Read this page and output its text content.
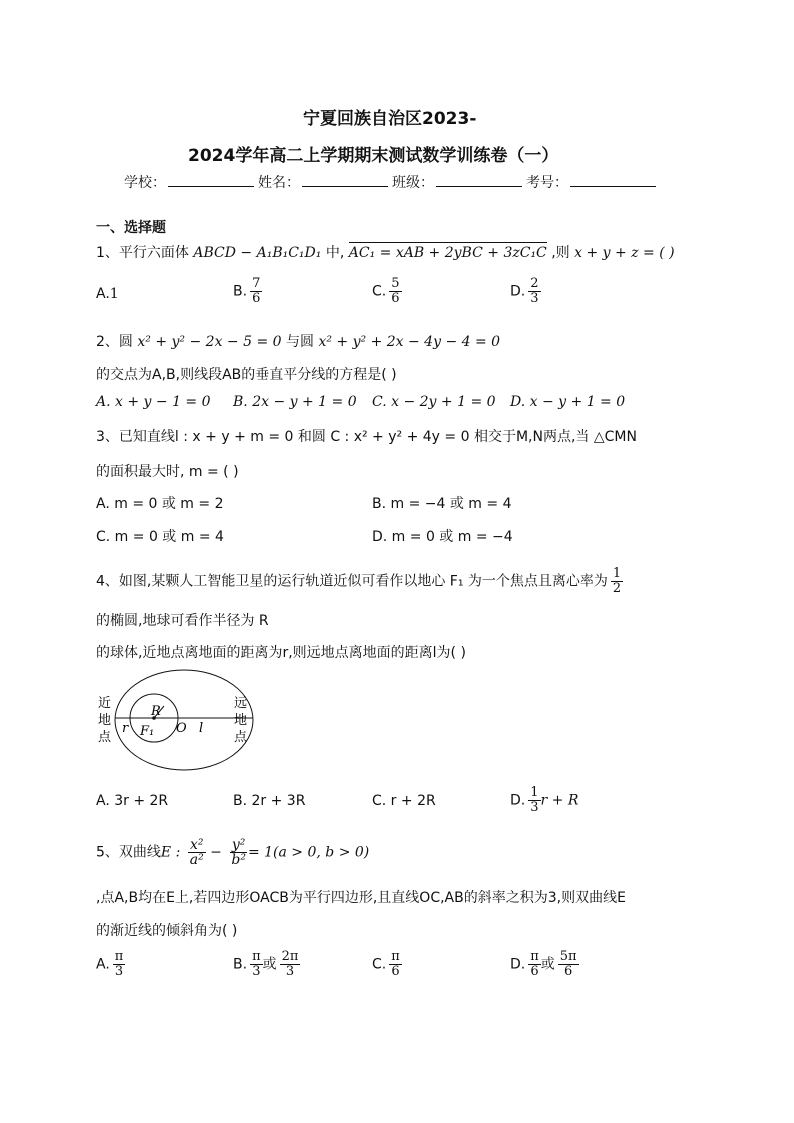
宁夏回族自治区2023-
2024学年高二上学期期末测试数学训练卷（一）
学校：	姓名：	班级：	考号：
一、选择题
1、平行六面体 ABCD − A₁B₁C₁D₁ 中, AC₁ = xAB + 2yBC + 3zC₁C ,则 x + y + z = ( )
A.1	B. $\frac{7}{6}$	C. $\frac{5}{6}$	D. $\frac{2}{3}$
2、圆 x² + y² − 2x − 5 = 0 与圆 x² + y² + 2x − 4y − 4 = 0
的交点为A,B,则线段AB的垂直平分线的方程是( )
A. x + y − 1 = 0 B. 2x − y + 1 = 0 C. x − 2y + 1 = 0 D. x − y + 1 = 0
3、已知直线l : x + y + m = 0 和圆 C : x² + y² + 4y = 0 相交于M,N两点,当 △CMN
的面积最大时, m = ( )
A. m = 0 或 m = 2	B. m = −4 或 m = 4
C. m = 0 或 m = 4	D. m = 0 或 m = −4
4、如图,某颗人工智能卫星的运行轨道近似可看作以地心 F₁ 为一个焦点且离心率为 $\frac{1}{2}$
的椭圆,地球可看作半径为 R
的球体,近地点离地面的距离为r,则远地点离地面的距离l为( )
近
地
点
远
地
点
R
r F₁ O l
A. 3r + 2R	B. 2r + 3R	C. r + 2R	D. $\frac{1}{3}$ r + R
5、双曲线E : $\frac{\text{x²}}{\text{a²}} - \frac{\text{y²}}{\text{b²}} = 1(a > 0$, b > 0)
,点A,B均在E上,若四边形OACB为平行四边形,且直线OC,AB的斜率之积为3,则双曲线E
的渐近线的倾斜角为( )
A. $\frac{\pi}{3}$	B. $\frac{\pi}{3}$ 或 $\frac{2\pi}{3}$	C. $\frac{\pi}{6}$	D. $\frac{\pi}{6}$ 或 $\frac{5\pi}{6}$
